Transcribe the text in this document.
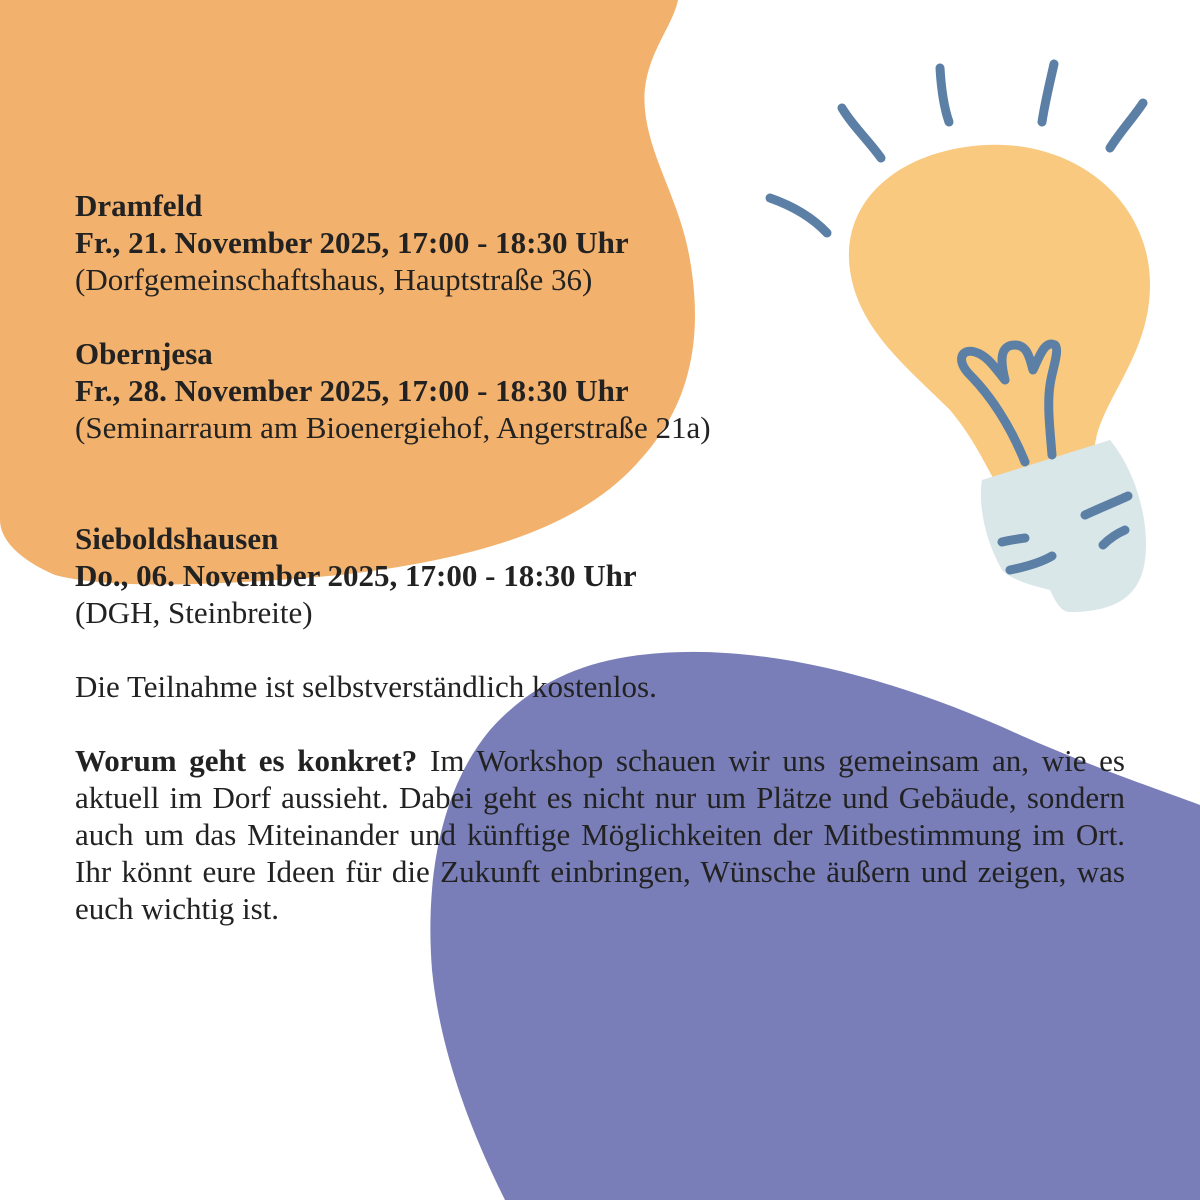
Dramfeld
Fr., 21. November 2025, 17:00 - 18:30 Uhr
(Dorfgemeinschaftshaus, Hauptstraße 36)

Obernjesa
Fr., 28. November 2025, 17:00 - 18:30 Uhr
(Seminarraum am Bioenergiehof, Angerstraße 21a)

Sieboldshausen
Do., 06. November 2025, 17:00 - 18:30 Uhr
(DGH, Steinbreite)

Die Teilnahme ist selbstverständlich kostenlos.

Worum geht es konkret? Im Workshop schauen wir uns gemeinsam an, wie es aktuell im Dorf aussieht. Dabei geht es nicht nur um Plätze und Gebäude, sondern auch um das Miteinander und künftige Möglichkeiten der Mitbestimmung im Ort. Ihr könnt eure Ideen für die Zukunft einbringen, Wünsche äußern und zeigen, was euch wichtig ist.
